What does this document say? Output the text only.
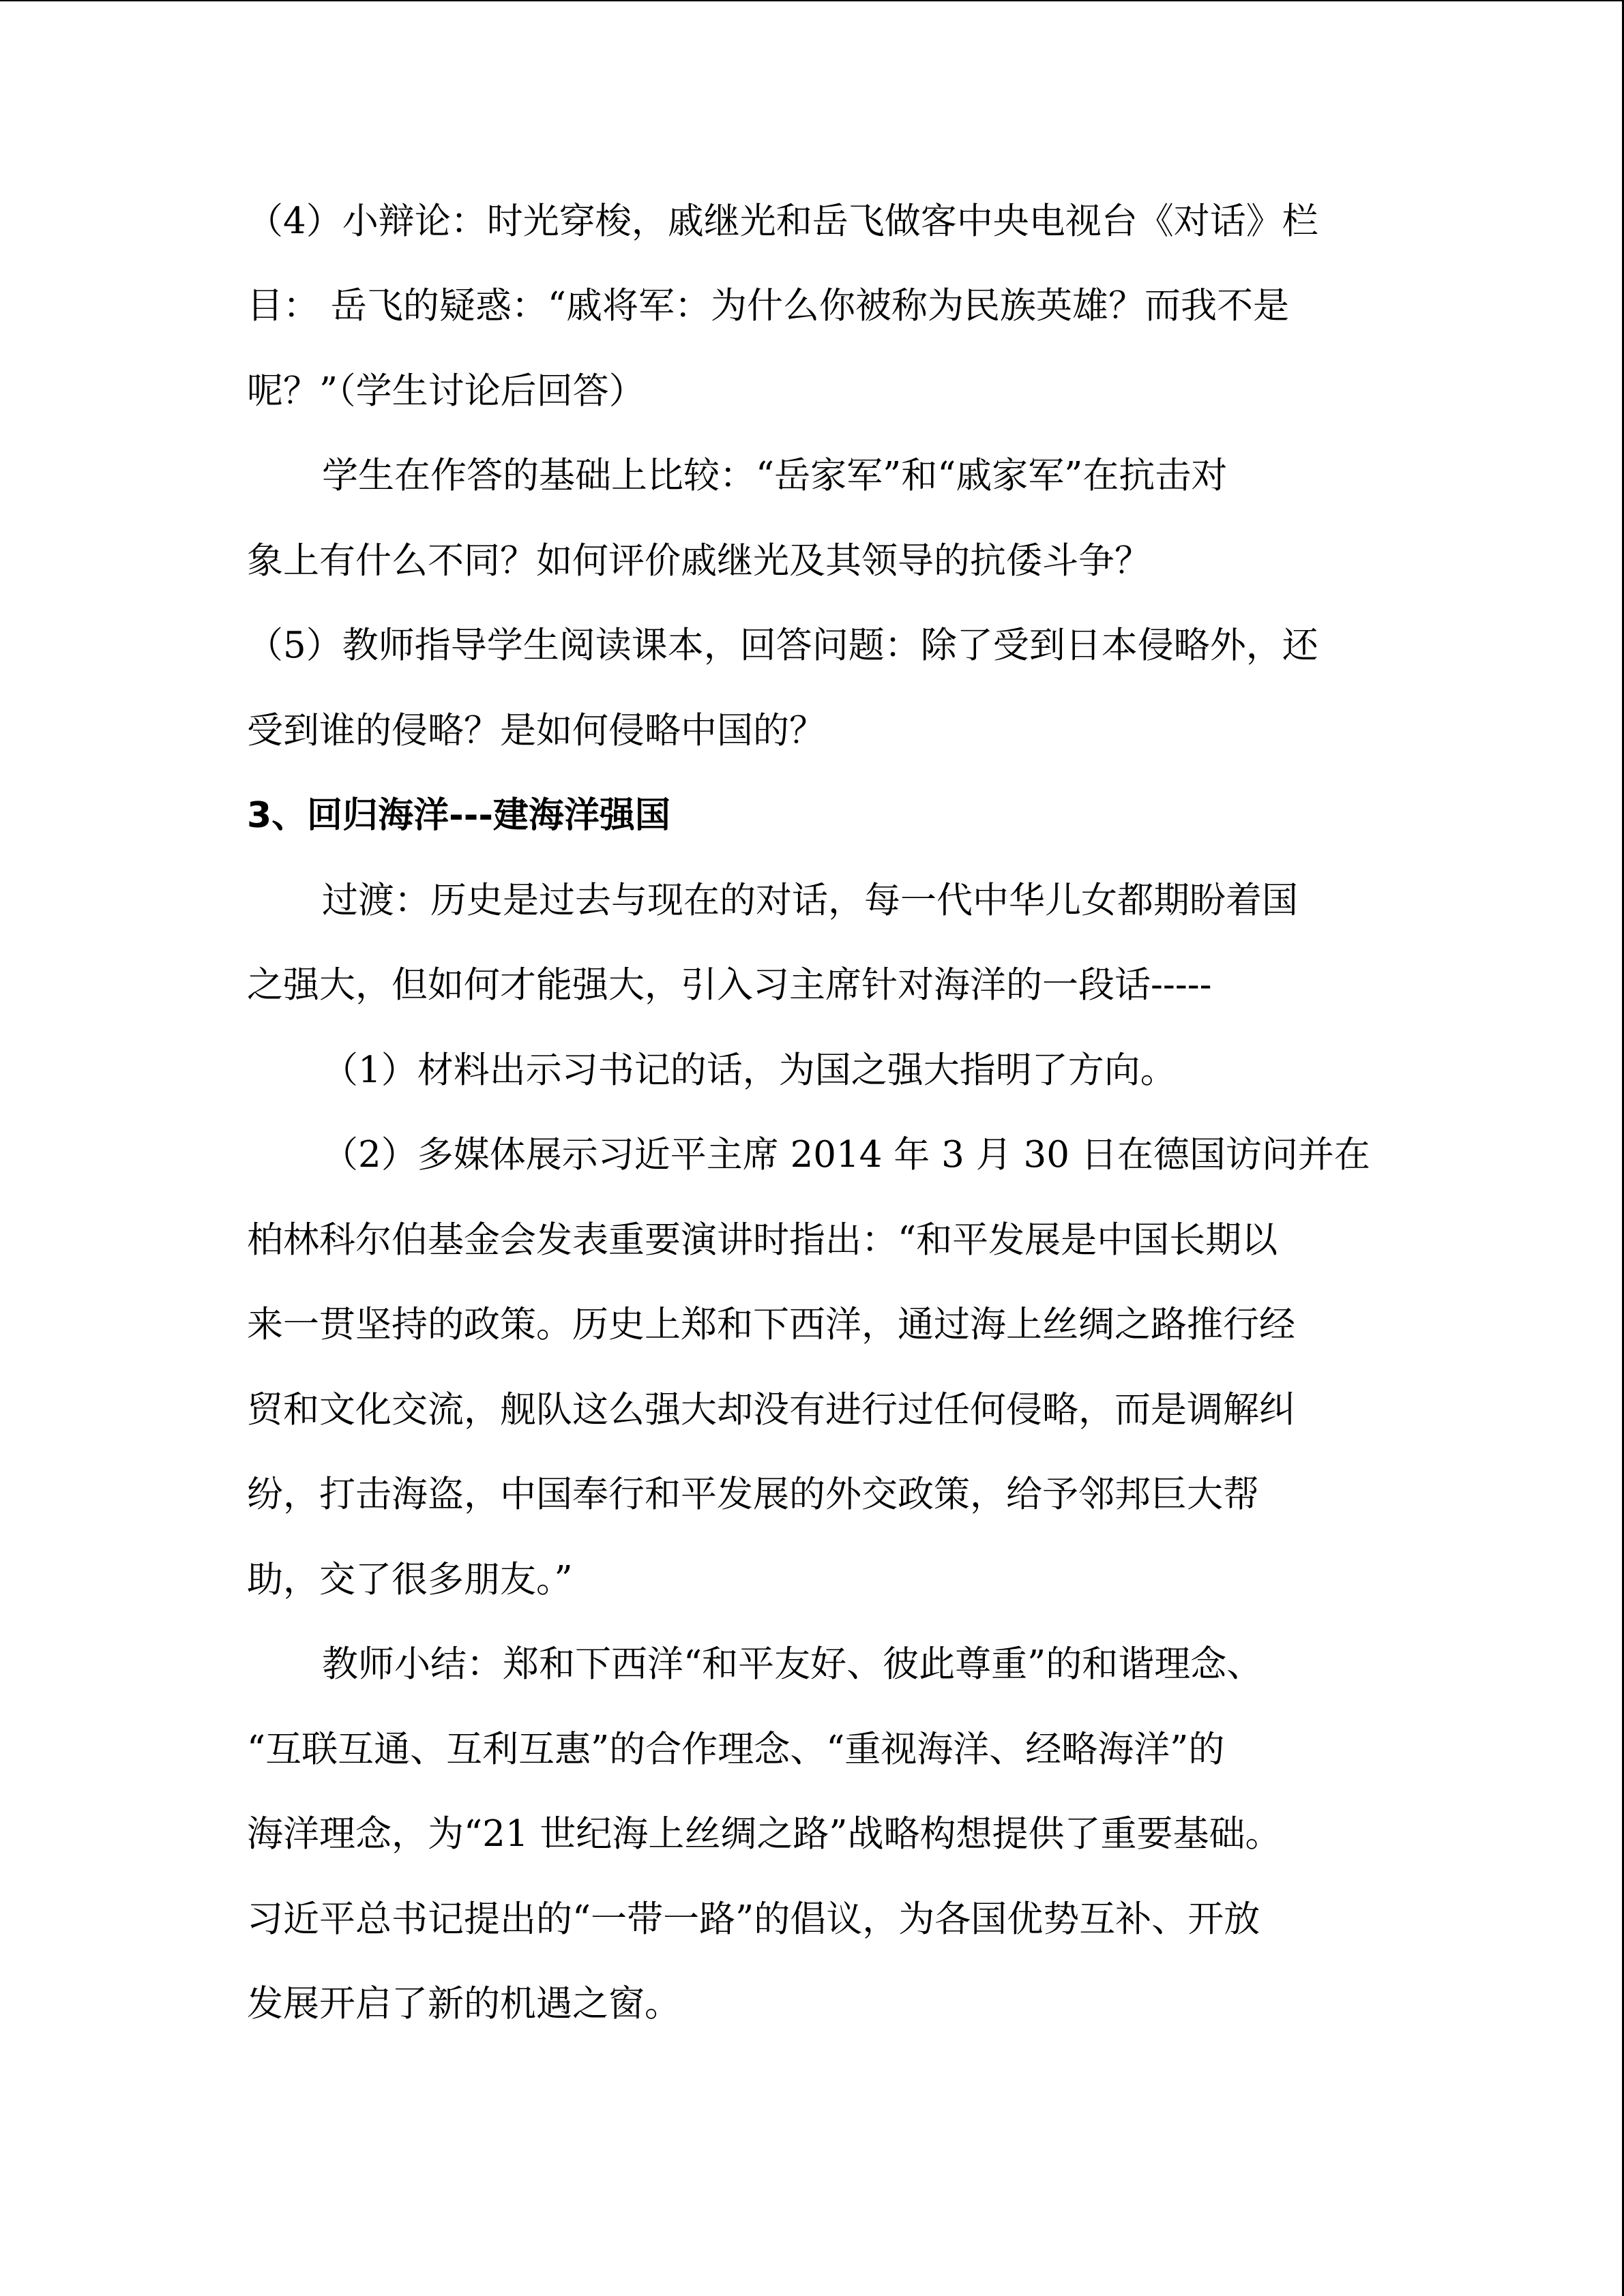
（4）小辩论：时光穿梭，戚继光和岳飞做客中央电视台《对话》栏
目： 岳飞的疑惑：“戚将军：为什么你被称为民族英雄？而我不是
呢？”（学生讨论后回答）
学生在作答的基础上比较：“岳家军”和“戚家军”在抗击对
象上有什么不同？如何评价戚继光及其领导的抗倭斗争？
（5）教师指导学生阅读课本，回答问题：除了受到日本侵略外，还
受到谁的侵略？是如何侵略中国的？
3、回归海洋---建海洋强国
过渡：历史是过去与现在的对话，每一代中华儿女都期盼着国
之强大，但如何才能强大，引入习主席针对海洋的一段话-----
（1）材料出示习书记的话，为国之强大指明了方向。
（2）多媒体展示习近平主席 2014 年 3 月 30 日在德国访问并在
柏林科尔伯基金会发表重要演讲时指出：“和平发展是中国长期以
来一贯坚持的政策。历史上郑和下西洋，通过海上丝绸之路推行经
贸和文化交流，舰队这么强大却没有进行过任何侵略，而是调解纠
纷，打击海盗，中国奉行和平发展的外交政策，给予邻邦巨大帮
助，交了很多朋友。”
教师小结：郑和下西洋“和平友好、彼此尊重”的和谐理念、
“互联互通、互利互惠”的合作理念、“重视海洋、经略海洋”的
海洋理念，为“21 世纪海上丝绸之路”战略构想提供了重要基础。
习近平总书记提出的“一带一路”的倡议，为各国优势互补、开放
发展开启了新的机遇之窗。
